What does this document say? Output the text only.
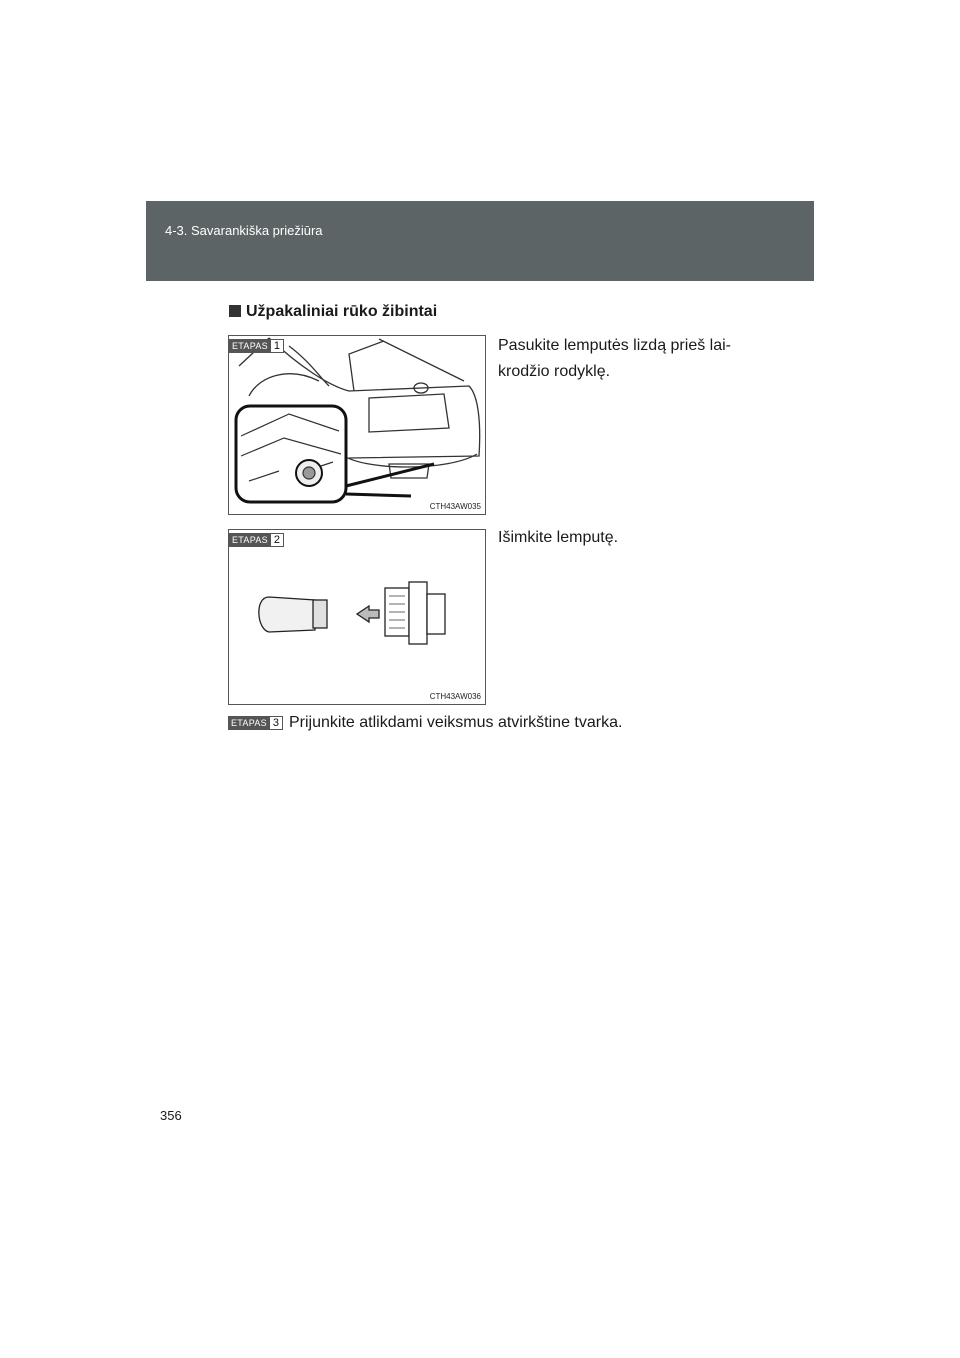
4-3. Savarankiška priežiūra
Užpakaliniai rūko žibintai
ETAPAS 1
CTH43AW035
Pasukite lemputės lizdą prieš lai-krodžio rodyklę.
ETAPAS 2
CTH43AW036
Išimkite lemputę.
ETAPAS 3 Prijunkite atlikdami veiksmus atvirkštine tvarka.
356
